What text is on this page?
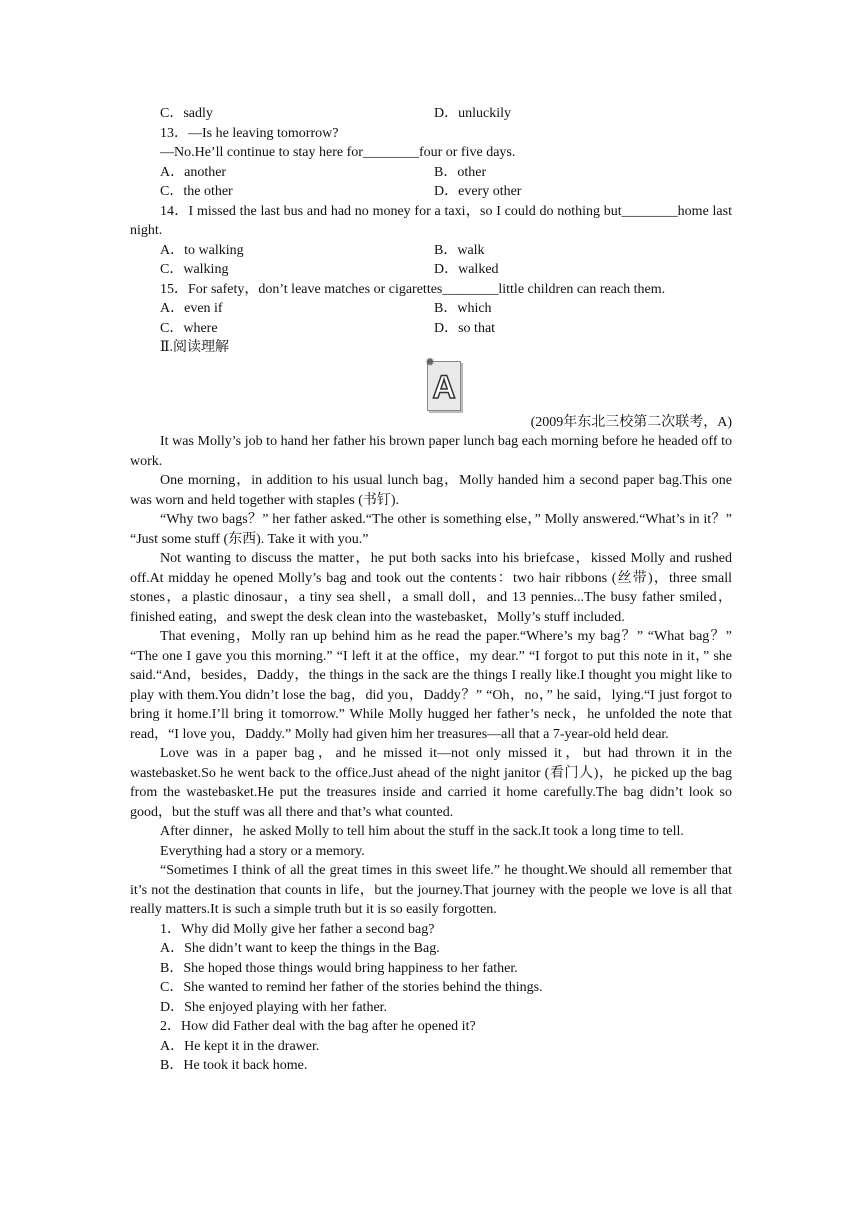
C．sadly	D．unluckily

13．—Is he leaving tomorrow?

—No.He’ll continue to stay here for________four or five days.

A．another	B．other
C．the other	D．every other

14．I missed the last bus and had no money for a taxi，so I could do nothing but________home last night.

A．to walking	B．walk
C．walking	D．walked

15．For safety，don’t leave matches or cigarettes________little children can reach them.

A．even if	B．which
C．where	D．so that

Ⅱ.阅读理解

✹
A

(2009年东北三校第二次联考，A)

It was Molly’s job to hand her father his brown paper lunch bag each morning before he headed off to work.

One morning，in addition to his usual lunch bag，Molly handed him a second paper bag.This one was worn and held together with staples (书钉).

“Why two bags？” her father asked.“The other is something else，” Molly answered.“What’s in it？” “Just some stuff (东西). Take it with you.”

Not wanting to discuss the matter，he put both sacks into his briefcase，kissed Molly and rushed off.At midday he opened Molly’s bag and took out the contents：two hair ribbons (丝带)，three small stones，a plastic dinosaur，a tiny sea shell，a small doll，and 13 pennies...The busy father smiled，finished eating，and swept the desk clean into the wastebasket，Molly’s stuff included.

That evening，Molly ran up behind him as he read the paper.“Where’s my bag？” “What bag？” “The one I gave you this morning.” “I left it at the office，my dear.” “I forgot to put this note in it，” she said.“And，besides，Daddy，the things in the sack are the things I really like.I thought you might like to play with them.You didn’t lose the bag，did you，Daddy？” “Oh，no，” he said，lying.“I just forgot to bring it home.I’ll bring it tomorrow.” While Molly hugged her father’s neck，he unfolded the note that read，“I love you，Daddy.” Molly had given him her treasures—all that a 7-year-old held dear.

Love was in a paper bag，and he missed it—not only missed it，but had thrown it in the wastebasket.So he went back to the office.Just ahead of the night janitor (看门人)，he picked up the bag from the wastebasket.He put the treasures inside and carried it home carefully.The bag didn’t look so good，but the stuff was all there and that’s what counted.

After dinner，he asked Molly to tell him about the stuff in the sack.It took a long time to tell.

Everything had a story or a memory.

“Sometimes I think of all the great times in this sweet life.” he thought.We should all remember that it’s not the destination that counts in life，but the journey.That journey with the people we love is all that really matters.It is such a simple truth but it is so easily forgotten.

1．Why did Molly give her father a second bag?

A．She didn’t want to keep the things in the Bag.

B．She hoped those things would bring happiness to her father.

C．She wanted to remind her father of the stories behind the things.

D．She enjoyed playing with her father.

2．How did Father deal with the bag after he opened it?

A．He kept it in the drawer.

B．He took it back home.
